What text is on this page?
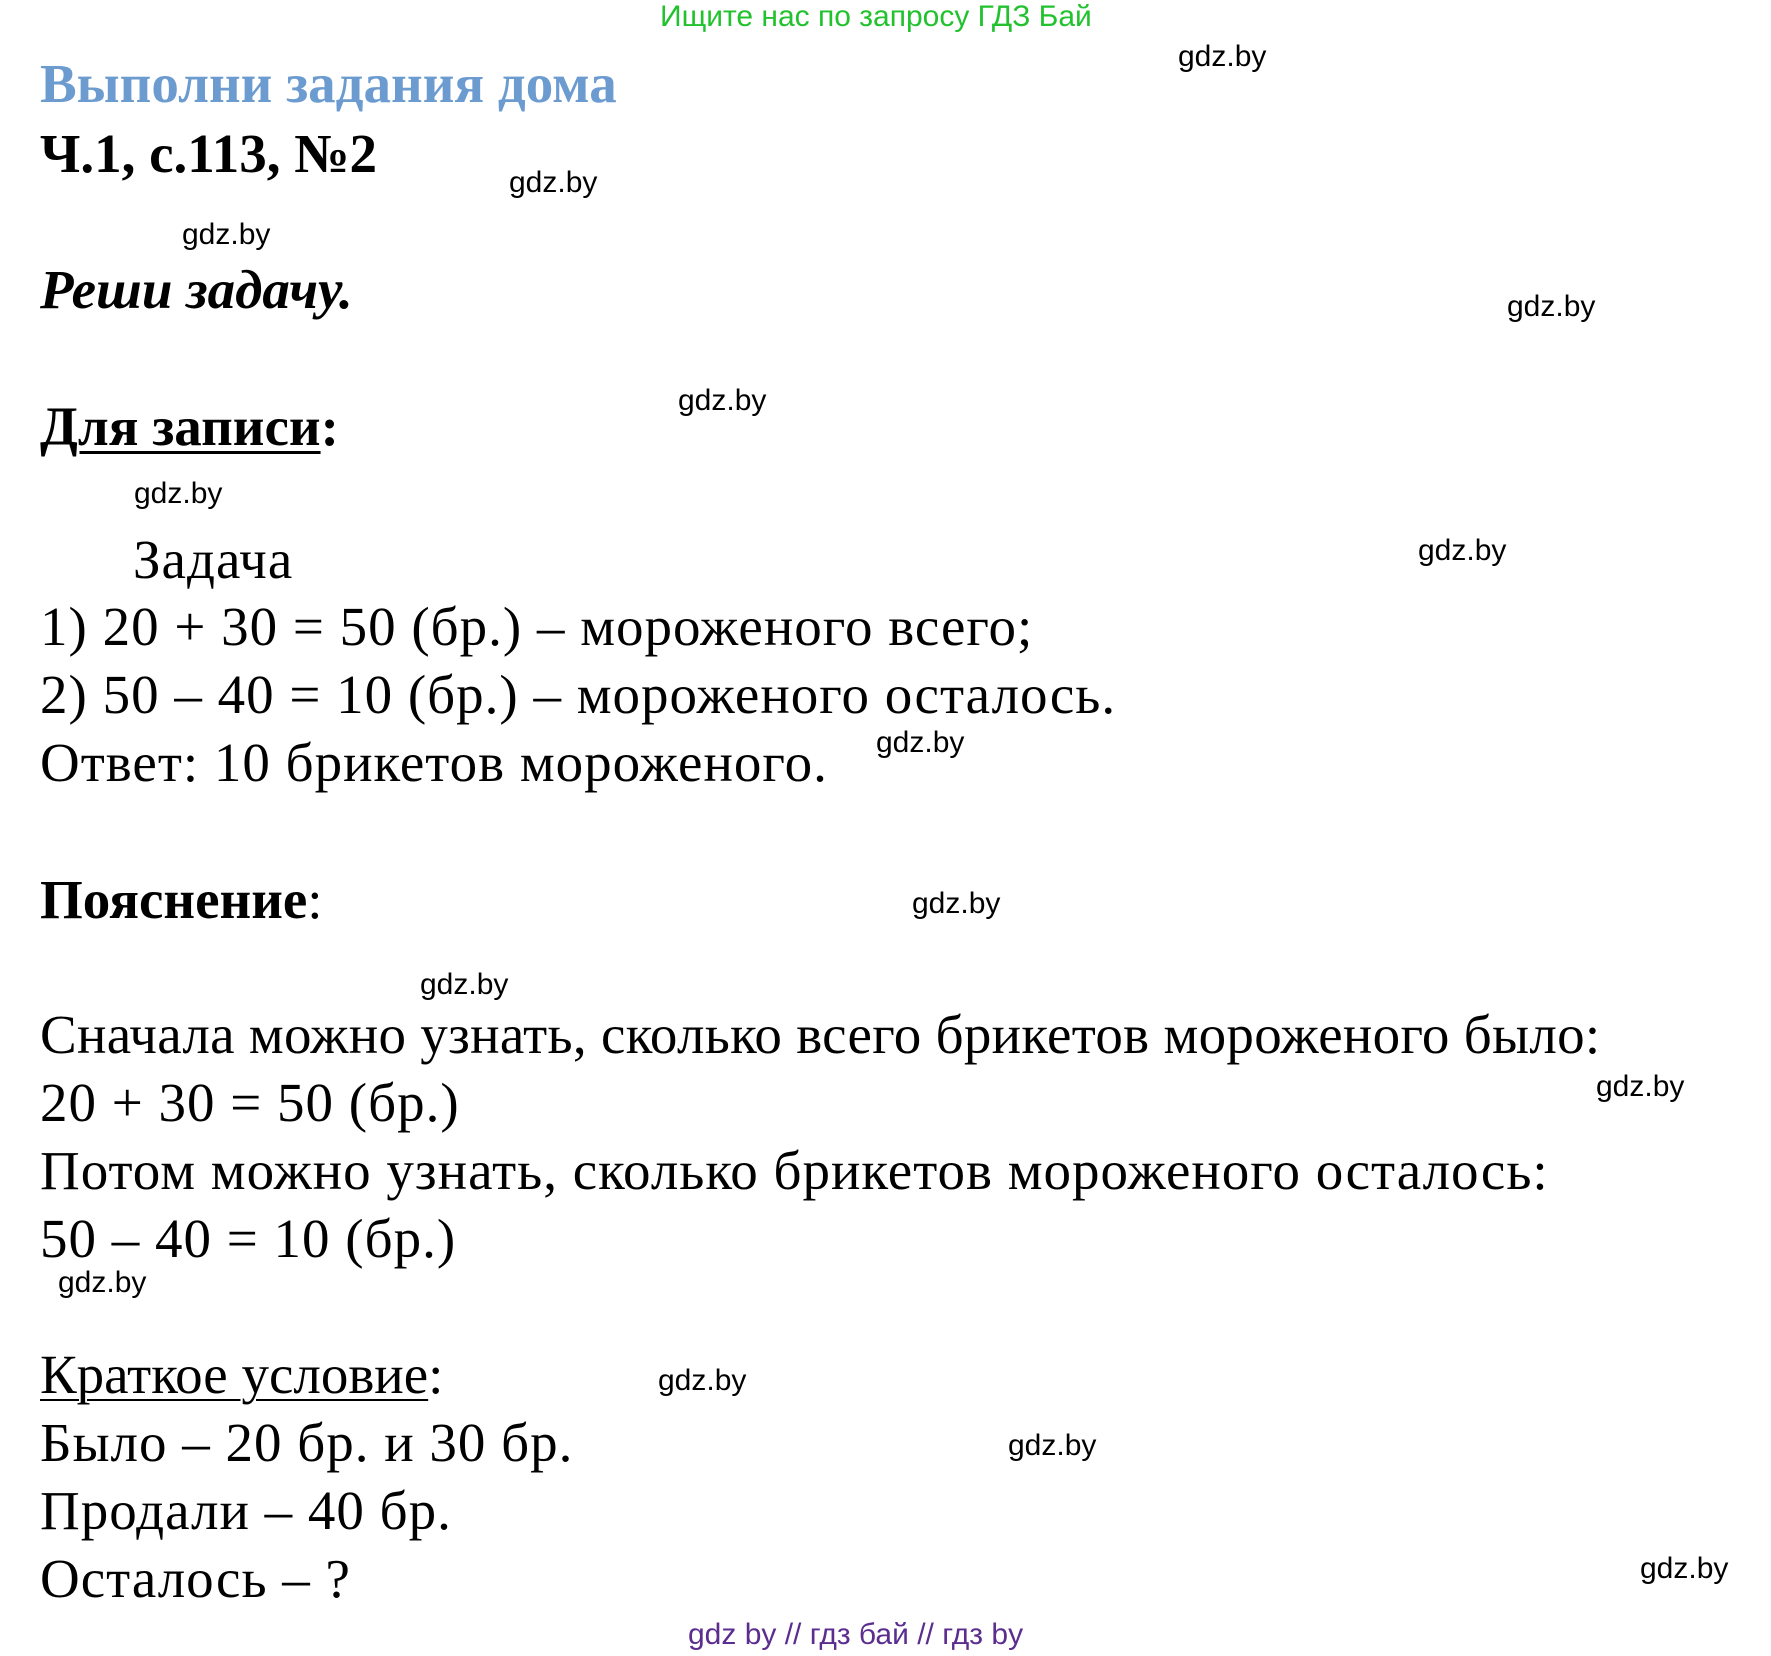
Ищите нас по запросу ГДЗ Бай
Выполни задания дома
Ч.1, с.113, №2
Реши задачу.
Для записи:
Задача
1) 20 + 30 = 50 (бр.) – мороженого всего;
2) 50 – 40 = 10 (бр.) – мороженого осталось.
Ответ: 10 брикетов мороженого.
Пояснение:
Сначала можно узнать, сколько всего брикетов мороженого было:
20 + 30 = 50 (бр.)
Потом можно узнать, сколько брикетов мороженого осталось:
50 – 40 = 10 (бр.)
Краткое условие:
Было – 20 бр. и 30 бр.
Продали – 40 бр.
Осталось – ?
gdz.by
gdz.by
gdz.by
gdz.by
gdz.by
gdz.by
gdz.by
gdz.by
gdz.by
gdz.by
gdz.by
gdz.by
gdz.by
gdz.by
gdz.by
gdz by // гдз бай // гдз by
